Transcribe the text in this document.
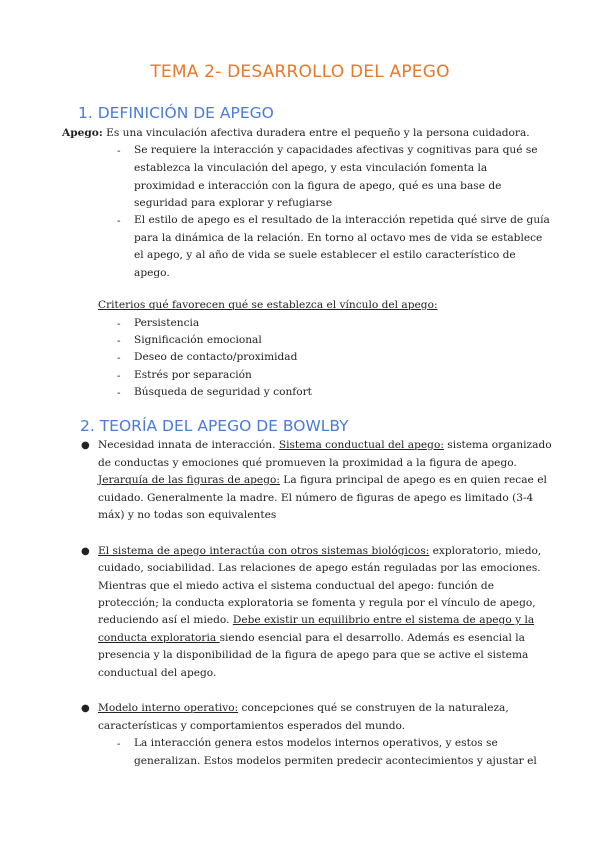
TEMA 2- DESARROLLO DEL APEGO
1. DEFINICIÓN DE APEGO
Apego: Es una vinculación afectiva duradera entre el pequeño y la persona cuidadora.
- Se requiere la interacción y capacidades afectivas y cognitivas para qué se
establezca la vinculación del apego, y esta vinculación fomenta la
proximidad e interacción con la figura de apego, qué es una base de
seguridad para explorar y refugiarse
- El estilo de apego es el resultado de la interacción repetida qué sirve de guía
para la dinámica de la relación. En torno al octavo mes de vida se establece
el apego, y al año de vida se suele establecer el estilo característico de
apego.
Criterios qué favorecen qué se establezca el vínculo del apego:
- Persistencia
- Significación emocional
- Deseo de contacto/proximidad
- Estrés por separación
- Búsqueda de seguridad y confort
2. TEORÍA DEL APEGO DE BOWLBY
● Necesidad innata de interacción. Sistema conductual del apego: sistema organizado
de conductas y emociones qué promueven la proximidad a la figura de apego.
Jerarquía de las figuras de apego: La figura principal de apego es en quien recae el
cuidado. Generalmente la madre. El número de figuras de apego es limitado (3-4
máx) y no todas son equivalentes
● El sistema de apego interactúa con otros sistemas biológicos: exploratorio, miedo,
cuidado, sociabilidad. Las relaciones de apego están reguladas por las emociones.
Mientras que el miedo activa el sistema conductual del apego: función de
protección; la conducta exploratoria se fomenta y regula por el vínculo de apego,
reduciendo así el miedo. Debe existir un equilibrio entre el sistema de apego y la
conducta exploratoria siendo esencial para el desarrollo. Además es esencial la
presencia y la disponibilidad de la figura de apego para que se active el sistema
conductual del apego.
● Modelo interno operativo: concepciones qué se construyen de la naturaleza,
características y comportamientos esperados del mundo.
- La interacción genera estos modelos internos operativos, y estos se
generalizan. Estos modelos permiten predecir acontecimientos y ajustar el
